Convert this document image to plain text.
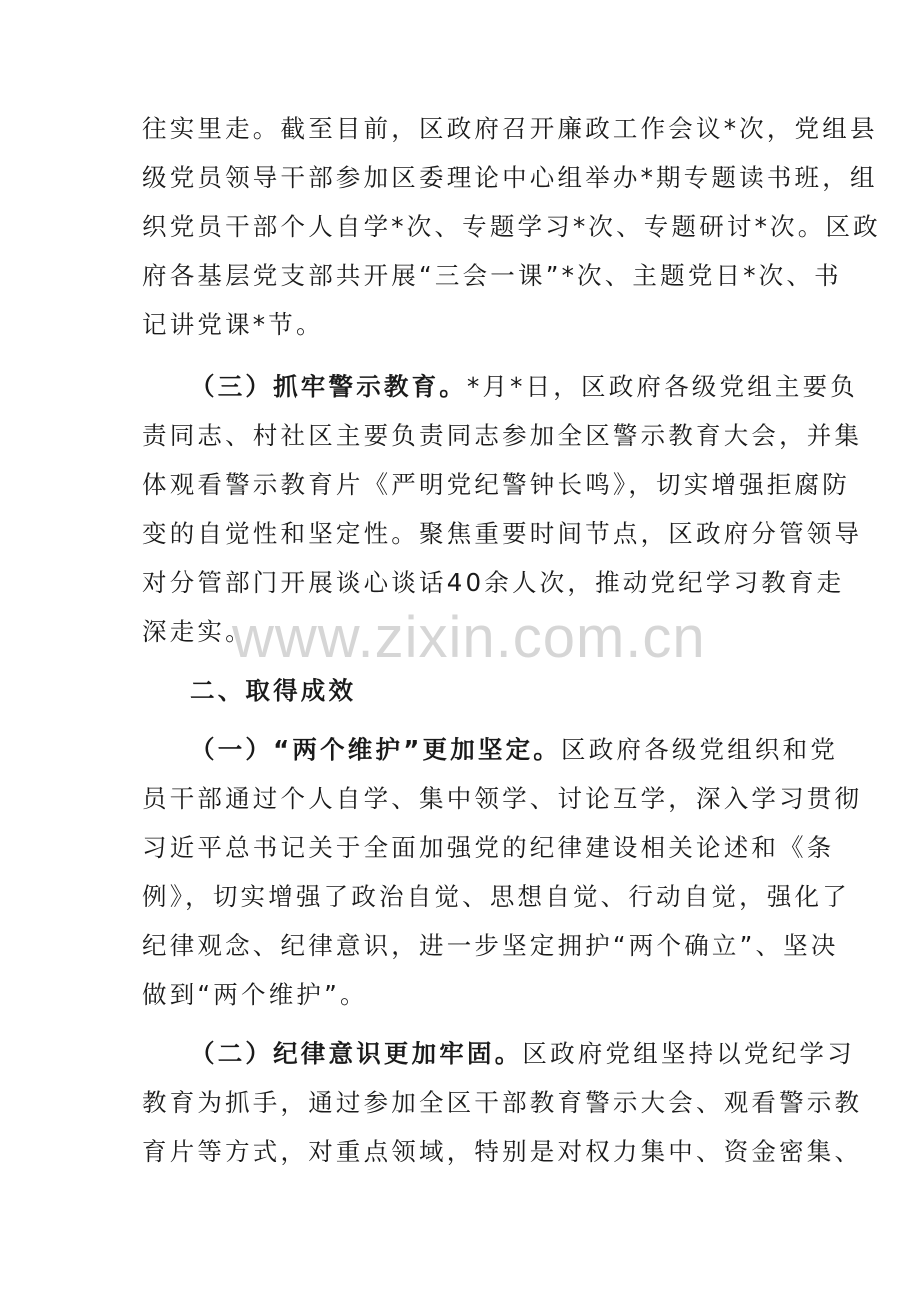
往实里走。截至目前，区政府召开廉政工作会议*次，党组县
级党员领导干部参加区委理论中心组举办*期专题读书班，组
织党员干部个人自学*次、专题学习*次、专题研讨*次。区政
府各基层党支部共开展“三会一课”*次、主题党日*次、书
记讲党课*节。
（三）抓牢警示教育。*月*日，区政府各级党组主要负
责同志、村社区主要负责同志参加全区警示教育大会，并集
体观看警示教育片《严明党纪警钟长鸣》，切实增强拒腐防
变的自觉性和坚定性。聚焦重要时间节点，区政府分管领导
对分管部门开展谈心谈话40余人次，推动党纪学习教育走
深走实。
www.zixin.com.cn
二、取得成效
（一）“两个维护”更加坚定。区政府各级党组织和党
员干部通过个人自学、集中领学、讨论互学，深入学习贯彻
习近平总书记关于全面加强党的纪律建设相关论述和《条
例》，切实增强了政治自觉、思想自觉、行动自觉，强化了
纪律观念、纪律意识，进一步坚定拥护“两个确立”、坚决
做到“两个维护”。
（二）纪律意识更加牢固。区政府党组坚持以党纪学习
教育为抓手，通过参加全区干部教育警示大会、观看警示教
育片等方式，对重点领域，特别是对权力集中、资金密集、
